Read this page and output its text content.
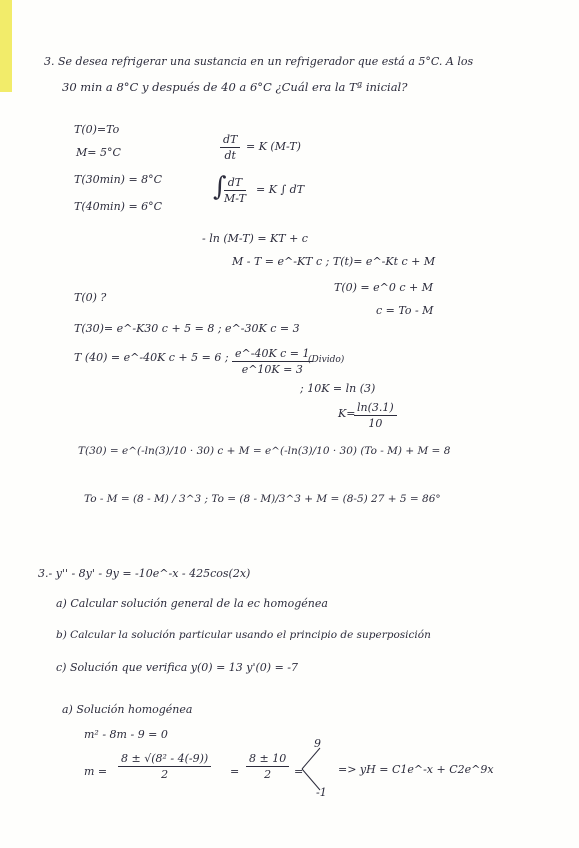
3. Se desea refrigerar una sustancia en un refrigerador que está a 5°C. A los
30 min a 8°C y después de 40 a 6°C ¿Cuál era la Tª inicial?
T(0)=To
M= 5°C
T(30min) = 8°C
T(40min) = 6°C
$\frac{dT}{dt} = K$ (M-T)
∫
$\frac{dT}{M-T} = K$ ∫ dT
- ln (M-T) = KT + c
M - T = e^-KT c ; T(t)= e^-Kt c + M
T(0) = e^0 c + M
c = To - M
T(0) ?
T(30)= e^-K30 c + 5 = 8 ; e^-30K c = 3
T (40) = e^-40K c + 5 = 6 ; $\frac{\text{e\textasciicircum{}-40K c = 1}}{e\^{}10K = 3}$
(Divido)
; 10K = ln (3)
K=
$\frac{\ln(3.1)}{10}$
T(30) = e^(-ln(3)/10 · 30) c + M = e^(-ln(3)/10 · 30) (To - M) + M = 8
To - M = (8 - M) / 3^3 ; To = (8 - M)/3^3 + M = (8-5) 27 + 5 = 86°
3.- y'' - 8y' - 9y = -10e^-x - 425cos(2x)
a) Calcular solución general de la ec homogénea
b) Calcular la solución particular usando el principio de superposición
c) Solución que verifica y(0) = 13 y'(0) = -7
a) Solución homogénea
m² - 8m - 9 = 0
$m = \frac{\text{8 ± √(8² - 4(-9))}}{2} = \frac{8 \pm 10}{2}$ =
9
-1
=> yH = C1e^-x + C2e^9x
